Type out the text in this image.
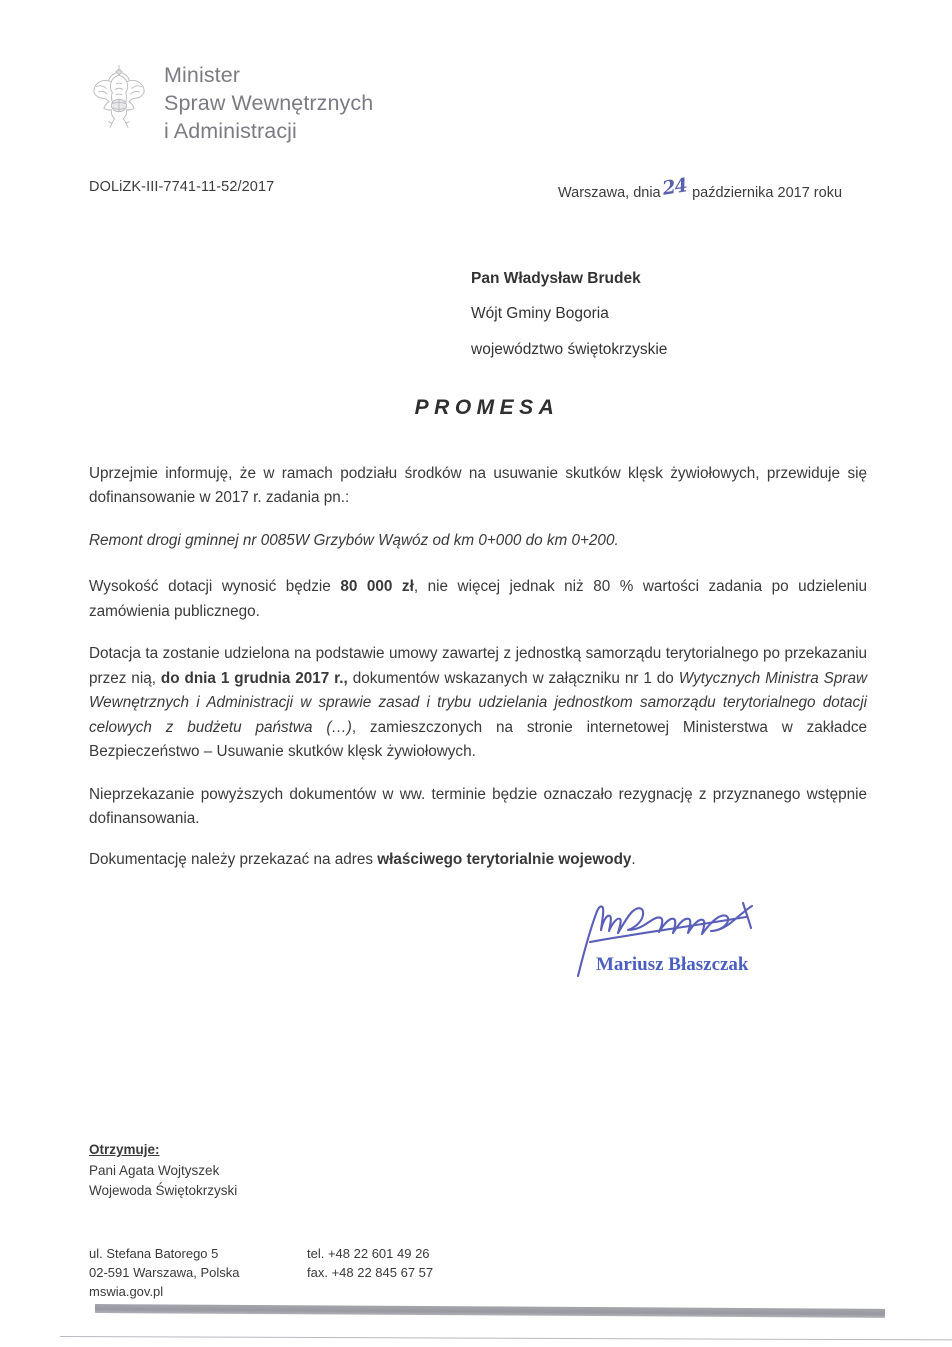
Minister
Spraw Wewnętrznych
i Administracji
DOLiZK-III-7741-11-52/2017	Warszawa, dnia24 października 2017 roku
Pan Władysław Brudek
Wójt Gminy Bogoria
województwo świętokrzyskie
PROMESA

Uprzejmie informuję, że w ramach podziału środków na usuwanie skutków klęsk żywiołowych, przewiduje się dofinansowanie w 2017 r. zadania pn.:

Remont drogi gminnej nr 0085W Grzybów Wąwóz od km 0+000 do km 0+200.

Wysokość dotacji wynosić będzie 80 000 zł, nie więcej jednak niż 80 % wartości zadania po udzieleniu zamówienia publicznego.

Dotacja ta zostanie udzielona na podstawie umowy zawartej z jednostką samorządu terytorialnego po przekazaniu przez nią, do dnia 1 grudnia 2017 r., dokumentów wskazanych w załączniku nr 1 do Wytycznych Ministra Spraw Wewnętrznych i Administracji w sprawie zasad i trybu udzielania jednostkom samorządu terytorialnego dotacji celowych z budżetu państwa (…), zamieszczonych na stronie internetowej Ministerstwa w zakładce Bezpieczeństwo – Usuwanie skutków klęsk żywiołowych.

Nieprzekazanie powyższych dokumentów w ww. terminie będzie oznaczało rezygnację z przyznanego wstępnie dofinansowania.

Dokumentację należy przekazać na adres właściwego terytorialnie wojewody.

Mariusz Błaszczak
Otrzymuje:
Pani Agata Wojtyszek
Wojewoda Świętokrzyski
ul. Stefana Batorego 5
02-591 Warszawa, Polska
mswia.gov.pl
tel. +48 22 601 49 26
fax. +48 22 845 67 57
